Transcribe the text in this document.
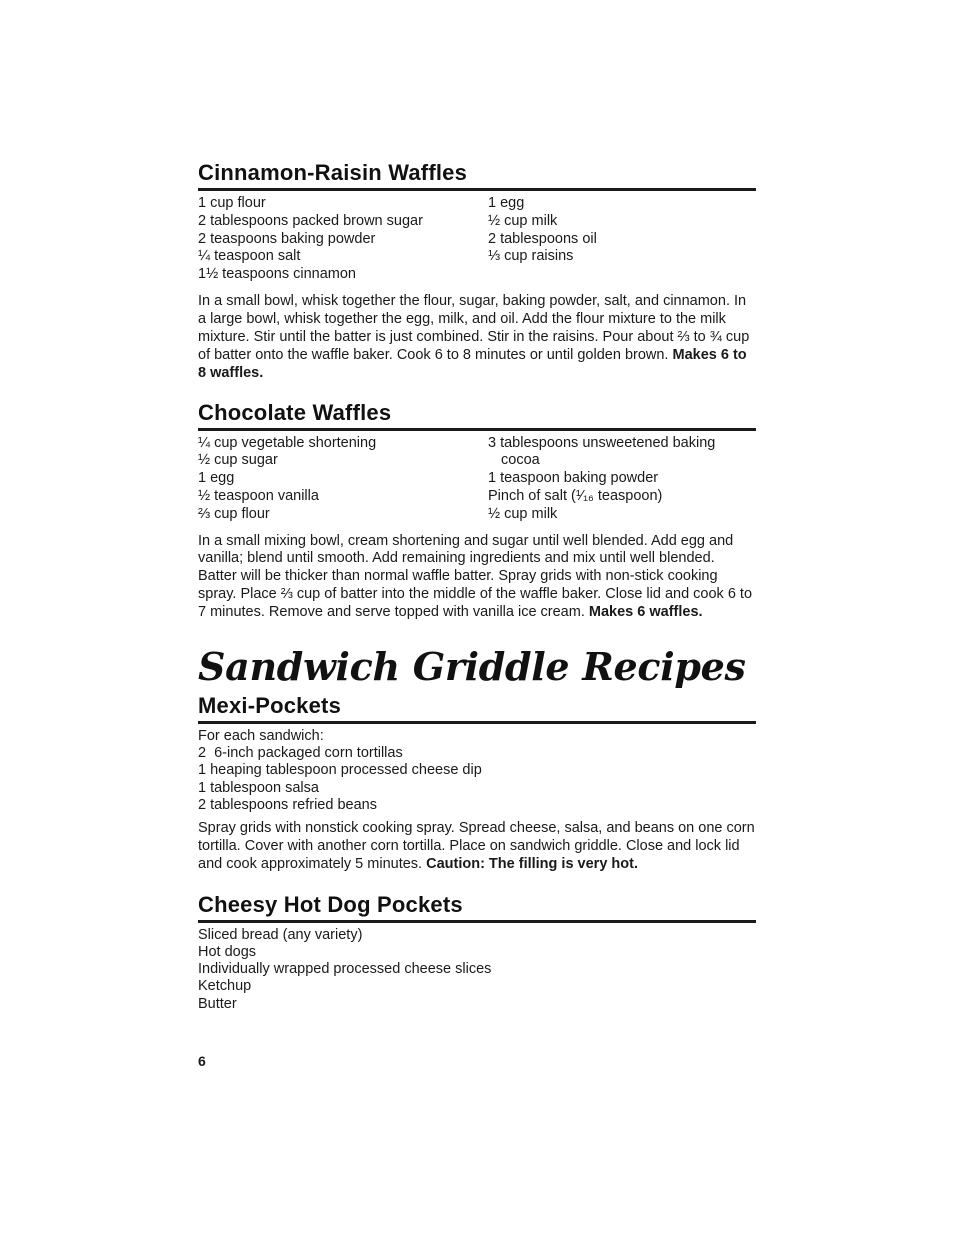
Cinnamon-Raisin Waffles
1 cup flour
2 tablespoons packed brown sugar
2 teaspoons baking powder
¼ teaspoon salt
1½ teaspoons cinnamon
1 egg
½ cup milk
2 tablespoons oil
⅓ cup raisins

In a small bowl, whisk together the flour, sugar, baking powder, salt, and cinnamon. In a large bowl, whisk together the egg, milk, and oil. Add the flour mixture to the milk mixture. Stir until the batter is just combined. Stir in the raisins. Pour about ⅔ to ¾ cup of batter onto the waffle baker. Cook 6 to 8 minutes or until golden brown. Makes 6 to 8 waffles.

Chocolate Waffles
¼ cup vegetable shortening
½ cup sugar
1 egg
½ teaspoon vanilla
⅔ cup flour
3 tablespoons unsweetened baking
cocoa
1 teaspoon baking powder
Pinch of salt (¹⁄₁₆ teaspoon)
½ cup milk

In a small mixing bowl, cream shortening and sugar until well blended. Add egg and vanilla; blend until smooth. Add remaining ingredients and mix until well blended. Batter will be thicker than normal waffle batter. Spray grids with non-stick cooking spray. Place ⅔ cup of batter into the middle of the waffle baker. Close lid and cook 6 to 7 minutes. Remove and serve topped with vanilla ice cream. Makes 6 waffles.

Sandwich Griddle Recipes
Mexi-Pockets
For each sandwich:
2  6-inch packaged corn tortillas
1 heaping tablespoon processed cheese dip
1 tablespoon salsa
2 tablespoons refried beans

Spray grids with nonstick cooking spray. Spread cheese, salsa, and beans on one corn tortilla. Cover with another corn tortilla. Place on sandwich griddle. Close and lock lid and cook approximately 5 minutes. Caution: The filling is very hot.

Cheesy Hot Dog Pockets
Sliced bread (any variety)
Hot dogs
Individually wrapped processed cheese slices
Ketchup
Butter
6
